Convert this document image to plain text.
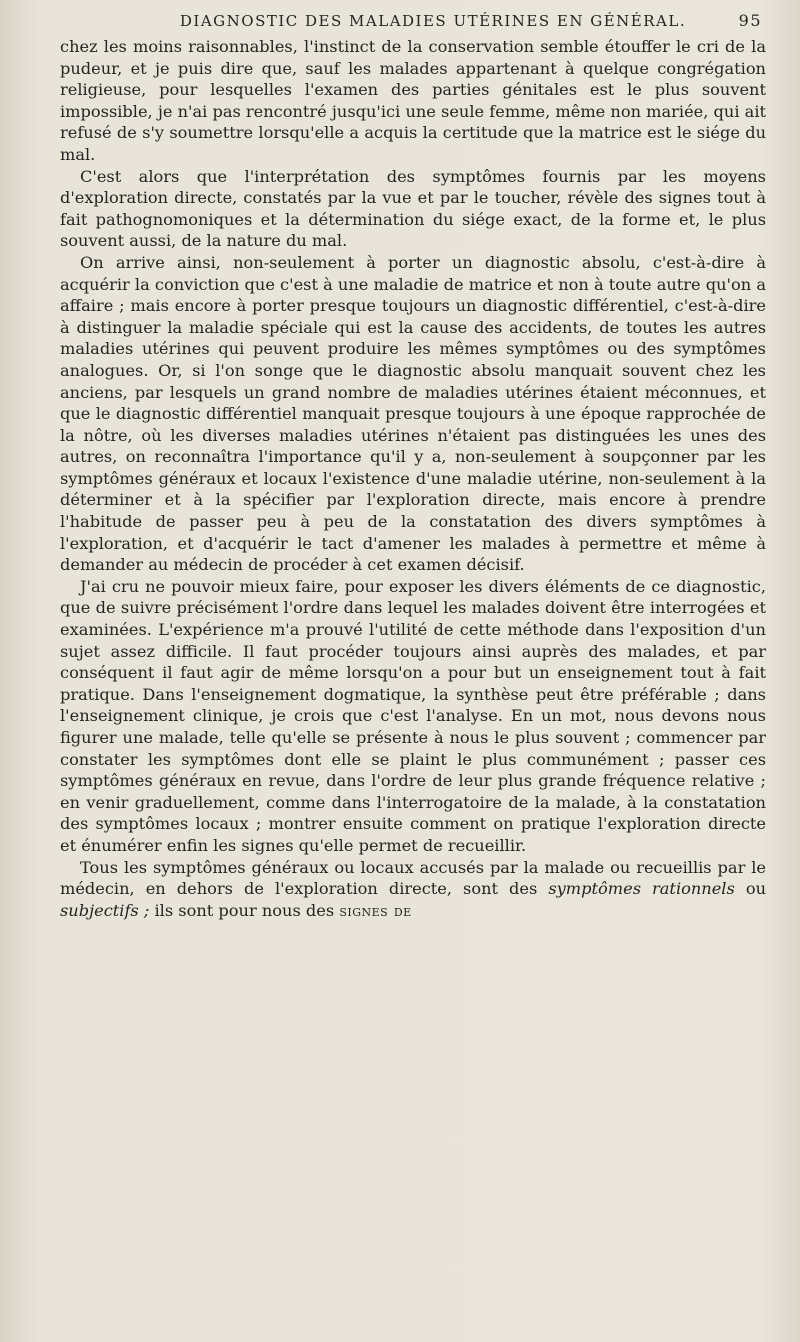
DIAGNOSTIC DES MALADIES UTÉRINES EN GÉNÉRAL.	95

chez les moins raisonnables, l'instinct de la conservation semble étouffer le cri de la pudeur, et je puis dire que, sauf les malades appartenant à quelque congrégation religieuse, pour lesquelles l'examen des parties génitales est le plus souvent impossible, je n'ai pas rencontré jusqu'ici une seule femme, même non mariée, qui ait refusé de s'y soumettre lorsqu'elle a acquis la certitude que la matrice est le siége du mal.

C'est alors que l'interprétation des symptômes fournis par les moyens d'exploration directe, constatés par la vue et par le toucher, révèle des signes tout à fait pathognomoniques et la détermination du siége exact, de la forme et, le plus souvent aussi, de la nature du mal.

On arrive ainsi, non-seulement à porter un diagnostic absolu, c'est-à-dire à acquérir la conviction que c'est à une maladie de matrice et non à toute autre qu'on a affaire ; mais encore à porter presque toujours un diagnostic différentiel, c'est-à-dire à distinguer la maladie spéciale qui est la cause des accidents, de toutes les autres maladies utérines qui peuvent produire les mêmes symptômes ou des symptômes analogues. Or, si l'on songe que le diagnostic absolu manquait souvent chez les anciens, par lesquels un grand nombre de maladies utérines étaient méconnues, et que le diagnostic différentiel manquait presque toujours à une époque rapprochée de la nôtre, où les diverses maladies utérines n'étaient pas distinguées les unes des autres, on reconnaîtra l'importance qu'il y a, non-seulement à soupçonner par les symptômes généraux et locaux l'existence d'une maladie utérine, non-seulement à la déterminer et à la spécifier par l'exploration directe, mais encore à prendre l'habitude de passer peu à peu de la constatation des divers symptômes à l'exploration, et d'acquérir le tact d'amener les malades à permettre et même à demander au médecin de procéder à cet examen décisif.

J'ai cru ne pouvoir mieux faire, pour exposer les divers éléments de ce diagnostic, que de suivre précisément l'ordre dans lequel les malades doivent être interrogées et examinées. L'expérience m'a prouvé l'utilité de cette méthode dans l'exposition d'un sujet assez difficile. Il faut procéder toujours ainsi auprès des malades, et par conséquent il faut agir de même lorsqu'on a pour but un enseignement tout à fait pratique. Dans l'enseignement dogmatique, la synthèse peut être préférable ; dans l'enseignement clinique, je crois que c'est l'analyse. En un mot, nous devons nous figurer une malade, telle qu'elle se présente à nous le plus souvent ; commencer par constater les symptômes dont elle se plaint le plus communément ; passer ces symptômes généraux en revue, dans l'ordre de leur plus grande fréquence relative ; en venir graduellement, comme dans l'interrogatoire de la malade, à la constatation des symptômes locaux ; montrer ensuite comment on pratique l'exploration directe et énumérer enfin les signes qu'elle permet de recueillir.

Tous les symptômes généraux ou locaux accusés par la malade ou recueillis par le médecin, en dehors de l'exploration directe, sont des symptômes rationnels ou subjectifs ; ils sont pour nous des signes de
